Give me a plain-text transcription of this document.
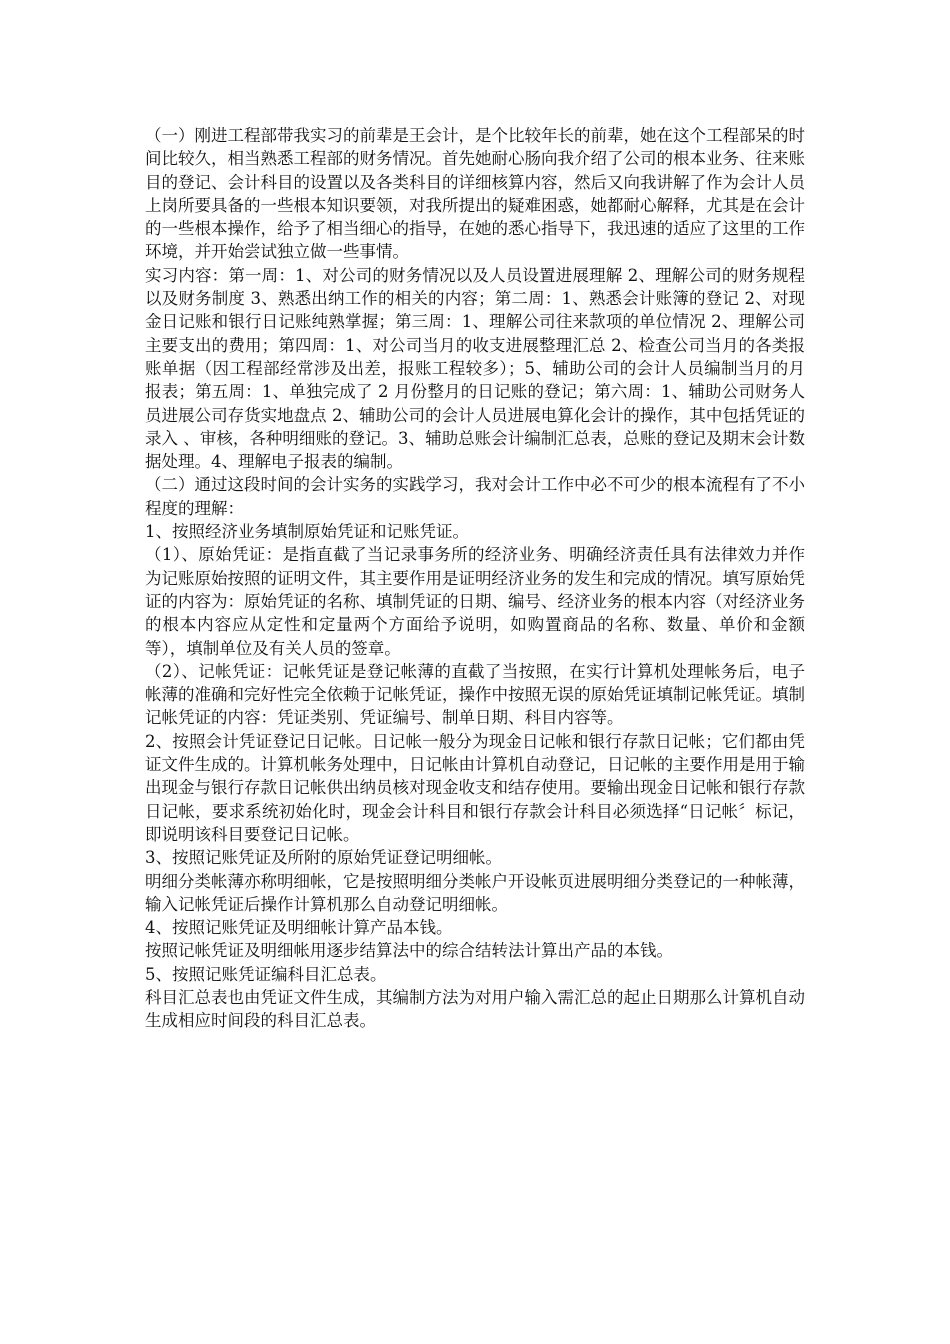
（一）刚进工程部带我实习的前辈是王会计，是个比较年长的前辈，她在这个工程部呆的时间比较久，相当熟悉工程部的财务情况。首先她耐心肠向我介绍了公司的根本业务、往来账目的登记、会计科目的设置以及各类科目的详细核算内容，然后又向我讲解了作为会计人员上岗所要具备的一些根本知识要领，对我所提出的疑难困惑，她都耐心解释，尤其是在会计的一些根本操作，给予了相当细心的指导，在她的悉心指导下，我迅速的适应了这里的工作环境，并开始尝试独立做一些事情。

实习内容：第一周：1、对公司的财务情况以及人员设置进展理解 2、理解公司的财务规程以及财务制度 3、熟悉出纳工作的相关的内容；第二周：1、熟悉会计账簿的登记 2、对现金日记账和银行日记账纯熟掌握；第三周：1、理解公司往来款项的单位情况 2、理解公司主要支出的费用；第四周：1、对公司当月的收支进展整理汇总 2、检查公司当月的各类报账单据（因工程部经常涉及出差，报账工程较多）；5、辅助公司的会计人员编制当月的月报表；第五周：1、单独完成了 2 月份整月的日记账的登记；第六周：1、辅助公司财务人员进展公司存货实地盘点 2、辅助公司的会计人员进展电算化会计的操作，其中包括凭证的录入 、审核，各种明细账的登记。3、辅助总账会计编制汇总表，总账的登记及期末会计数据处理。4、理解电子报表的编制。

（二）通过这段时间的会计实务的实践学习，我对会计工作中必不可少的根本流程有了不小程度的理解：

1、按照经济业务填制原始凭证和记账凭证。

（1）、原始凭证：是指直截了当记录事务所的经济业务、明确经济责任具有法律效力并作为记账原始按照的证明文件，其主要作用是证明经济业务的发生和完成的情况。填写原始凭证的内容为：原始凭证的名称、填制凭证的日期、编号、经济业务的根本内容（对经济业务的根本内容应从定性和定量两个方面给予说明，如购置商品的名称、数量、单价和金额等），填制单位及有关人员的签章。

（2）、记帐凭证：记帐凭证是登记帐薄的直截了当按照，在实行计算机处理帐务后，电子帐薄的准确和完好性完全依赖于记帐凭证，操作中按照无误的原始凭证填制记帐凭证。填制记帐凭证的内容：凭证类别、凭证编号、制单日期、科目内容等。

2、按照会计凭证登记日记帐。日记帐一般分为现金日记帐和银行存款日记帐；它们都由凭证文件生成的。计算机帐务处理中，日记帐由计算机自动登记，日记帐的主要作用是用于输出现金与银行存款日记帐供出纳员核对现金收支和结存使用。要输出现金日记帐和银行存款日记帐，要求系统初始化时，现金会计科目和银行存款会计科目必须选择“日记帐〞标记，即说明该科目要登记日记帐。

3、按照记账凭证及所附的原始凭证登记明细帐。

明细分类帐薄亦称明细帐，它是按照明细分类帐户开设帐页进展明细分类登记的一种帐薄，输入记帐凭证后操作计算机那么自动登记明细帐。

4、按照记账凭证及明细帐计算产品本钱。

按照记帐凭证及明细帐用逐步结算法中的综合结转法计算出产品的本钱。

5、按照记账凭证编科目汇总表。

科目汇总表也由凭证文件生成，其编制方法为对用户输入需汇总的起止日期那么计算机自动生成相应时间段的科目汇总表。
